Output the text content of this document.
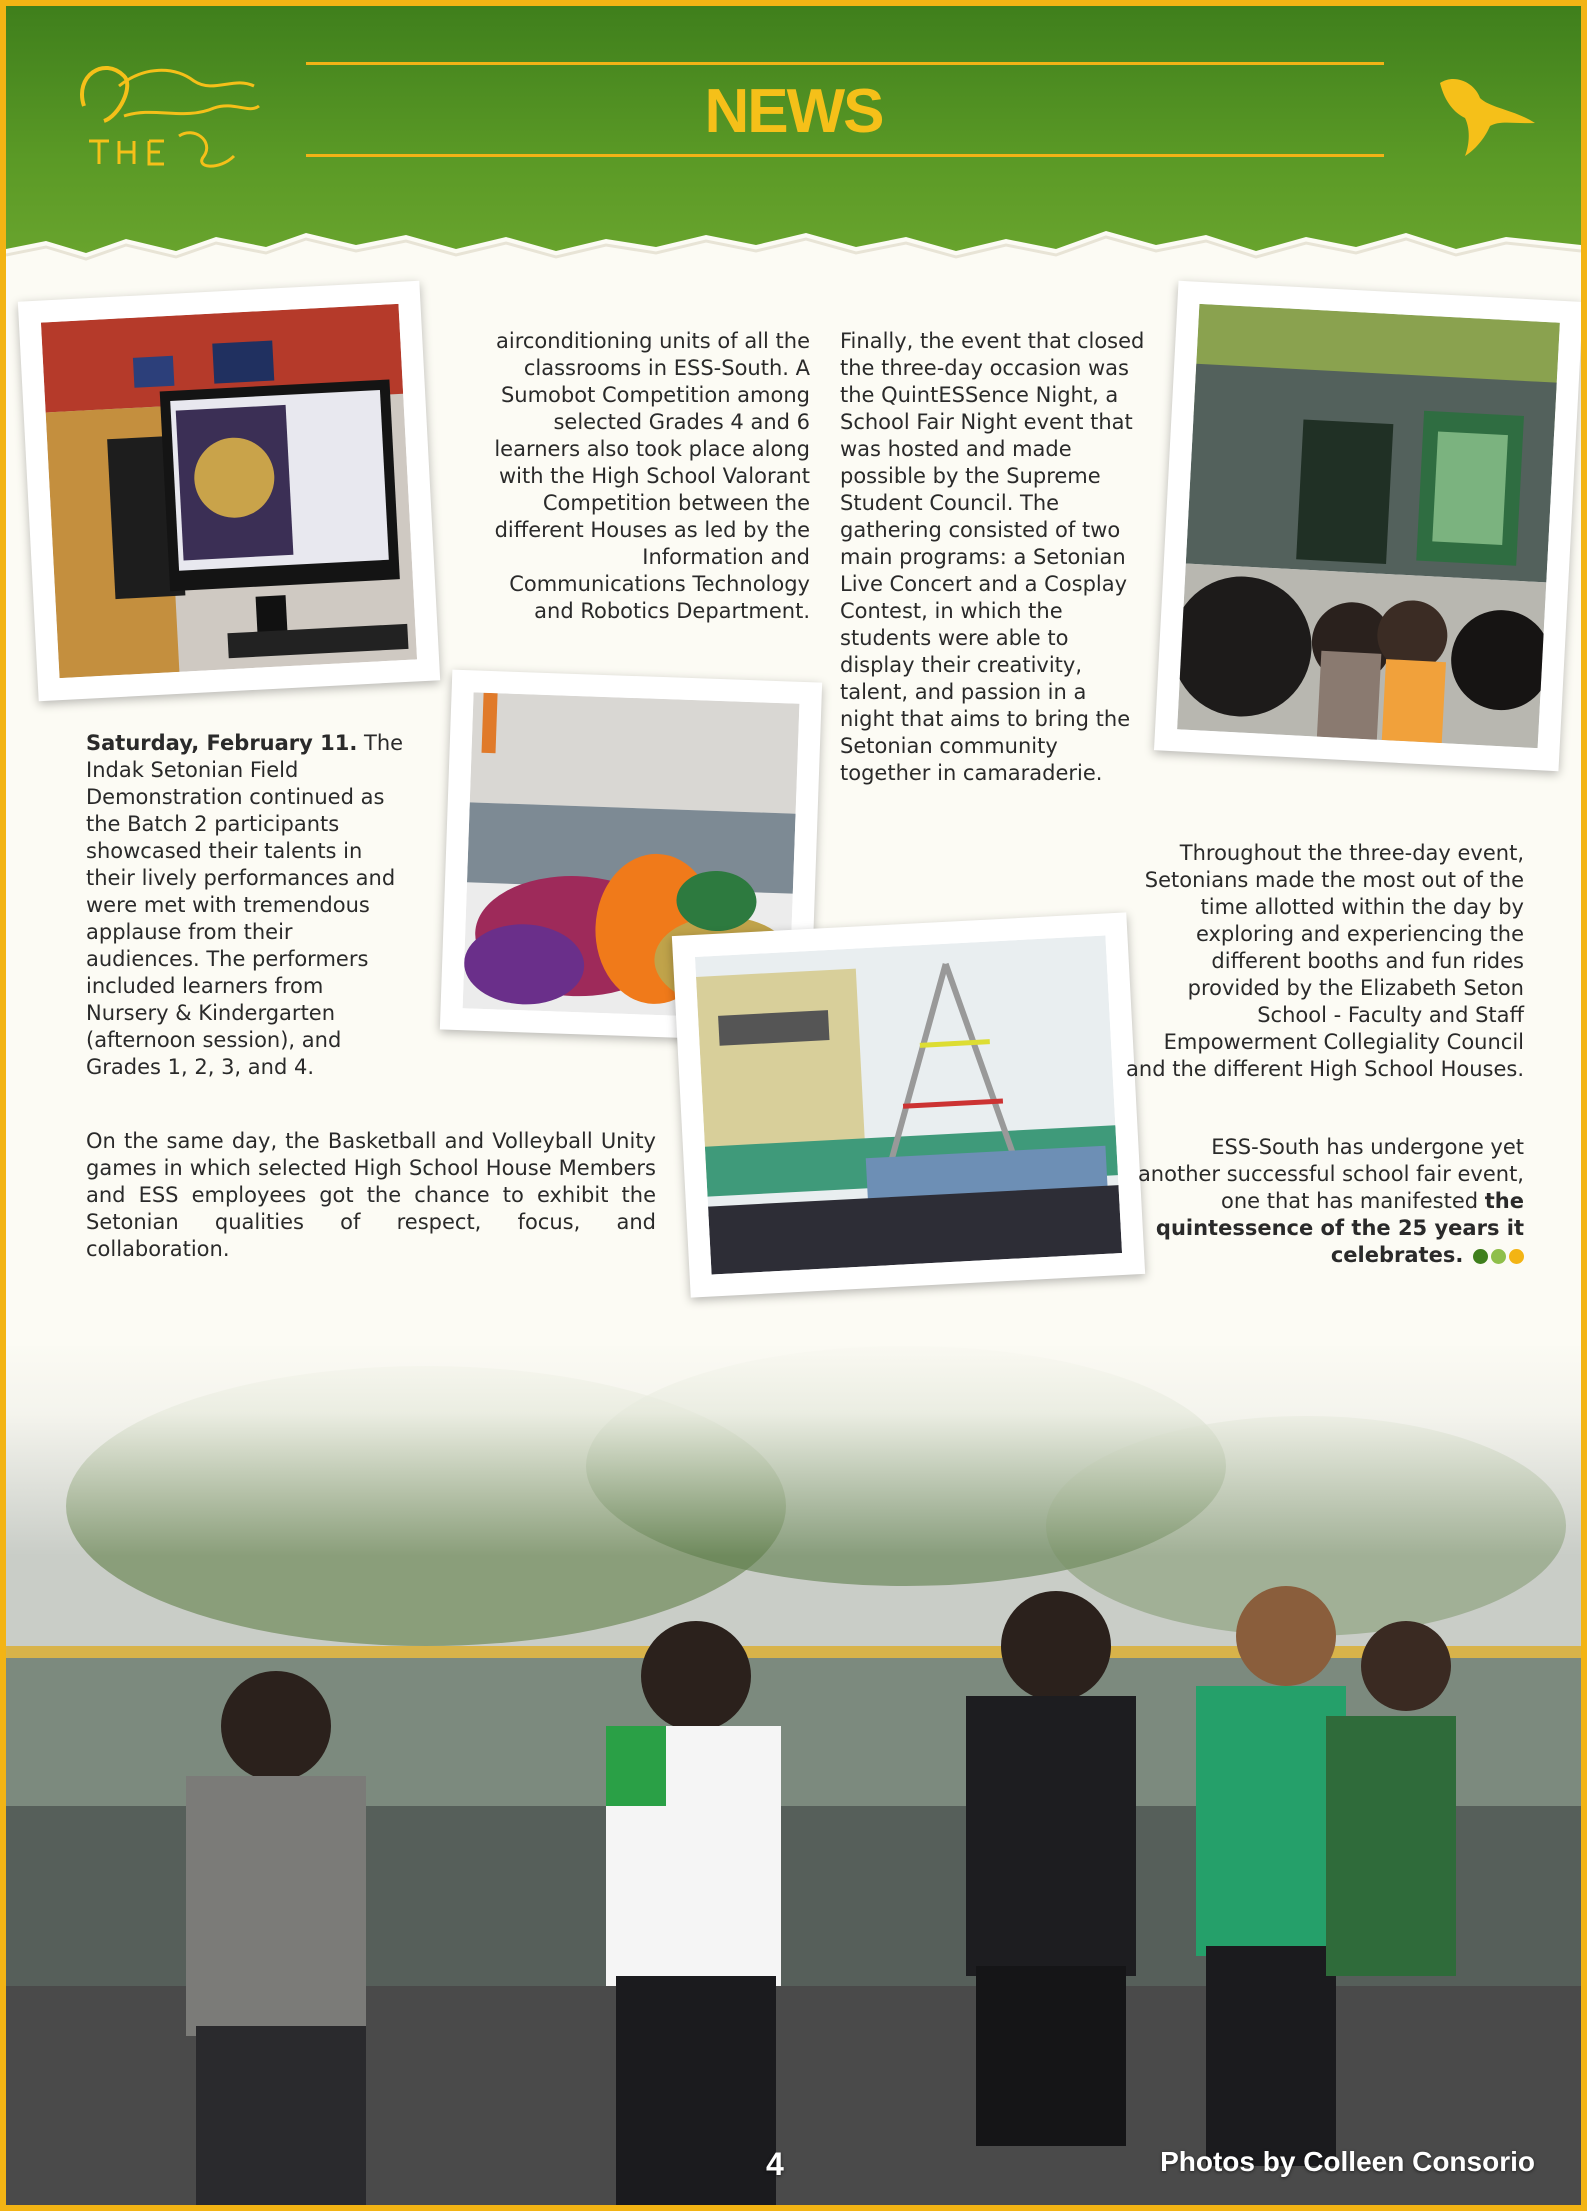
NEWS

airconditioning units of all the classrooms in ESS-South. A Sumobot Competition among selected Grades 4 and 6 learners also took place along with the High School Valorant Competition between the different Houses as led by the Information and Communications Technology and Robotics Department.

Finally, the event that closed the three-day occasion was the QuintESSence Night, a School Fair Night event that was hosted and made possible by the Supreme Student Council. The gathering consisted of two main programs: a Setonian Live Concert and a Cosplay Contest, in which the students were able to display their creativity, talent, and passion in a night that aims to bring the Setonian community together in camaraderie.

Saturday, February 11. The Indak Setonian Field Demonstration continued as the Batch 2 participants showcased their talents in their lively performances and were met with tremendous applause from their audiences. The performers included learners from Nursery & Kindergarten (afternoon session), and Grades 1, 2, 3, and 4.

On the same day, the Basketball and Volleyball Unity games in which selected High School House Members and ESS employees got the chance to exhibit the Setonian qualities of respect, focus, and collaboration.

Throughout the three-day event, Setonians made the most out of the time allotted within the day by exploring and experiencing the different booths and fun rides provided by the Elizabeth Seton School - Faculty and Staff Empowerment Collegiality Council and the different High School Houses.

ESS-South has undergone yet another successful school fair event, one that has manifested the quintessence of the 25 years it celebrates.

4	Photos by Colleen Consorio
